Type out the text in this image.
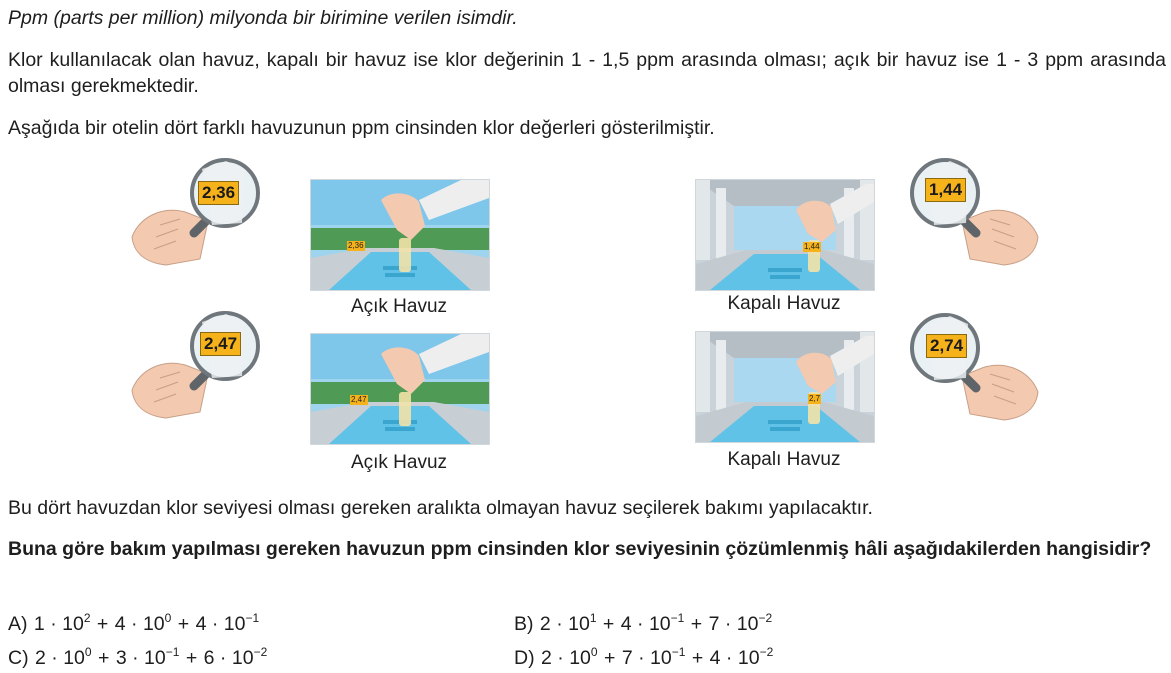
Ppm (parts per million) milyonda bir birimine verilen isimdir.

Klor kullanılacak olan havuz, kapalı bir havuz ise klor değerinin 1 - 1,5 ppm arasında olması; açık bir havuz ise 1 - 3 ppm arasında olması gerekmektedir.

Aşağıda bir otelin dört farklı havuzunun ppm cinsinden klor değerleri gösterilmiştir.

2,36
2,36
Açık Havuz
1,44
Kapalı Havuz
1,44
2,47
2,47
Açık Havuz
2,7
Kapalı Havuz
2,74

Bu dört havuzdan klor seviyesi olması gereken aralıkta olmayan havuz seçilerek bakımı yapılacaktır.

Buna göre bakım yapılması gereken havuzun ppm cinsinden klor seviyesinin çözümlenmiş hâli aşağıdakilerden hangisidir?

A) $1 \cdot 10^2 + 4 \cdot 10^0 + 4 \cdot 10^{-1}$	B) $2 \cdot 10^1 + 4 \cdot 10^{-1} + 7 \cdot 10^{-2}$
C) $2 \cdot 10^0 + 3 \cdot 10^{-1} + 6 \cdot 10^{-2}$	D) $2 \cdot 10^0 + 7 \cdot 10^{-1} + 4 \cdot 10^{-2}$
